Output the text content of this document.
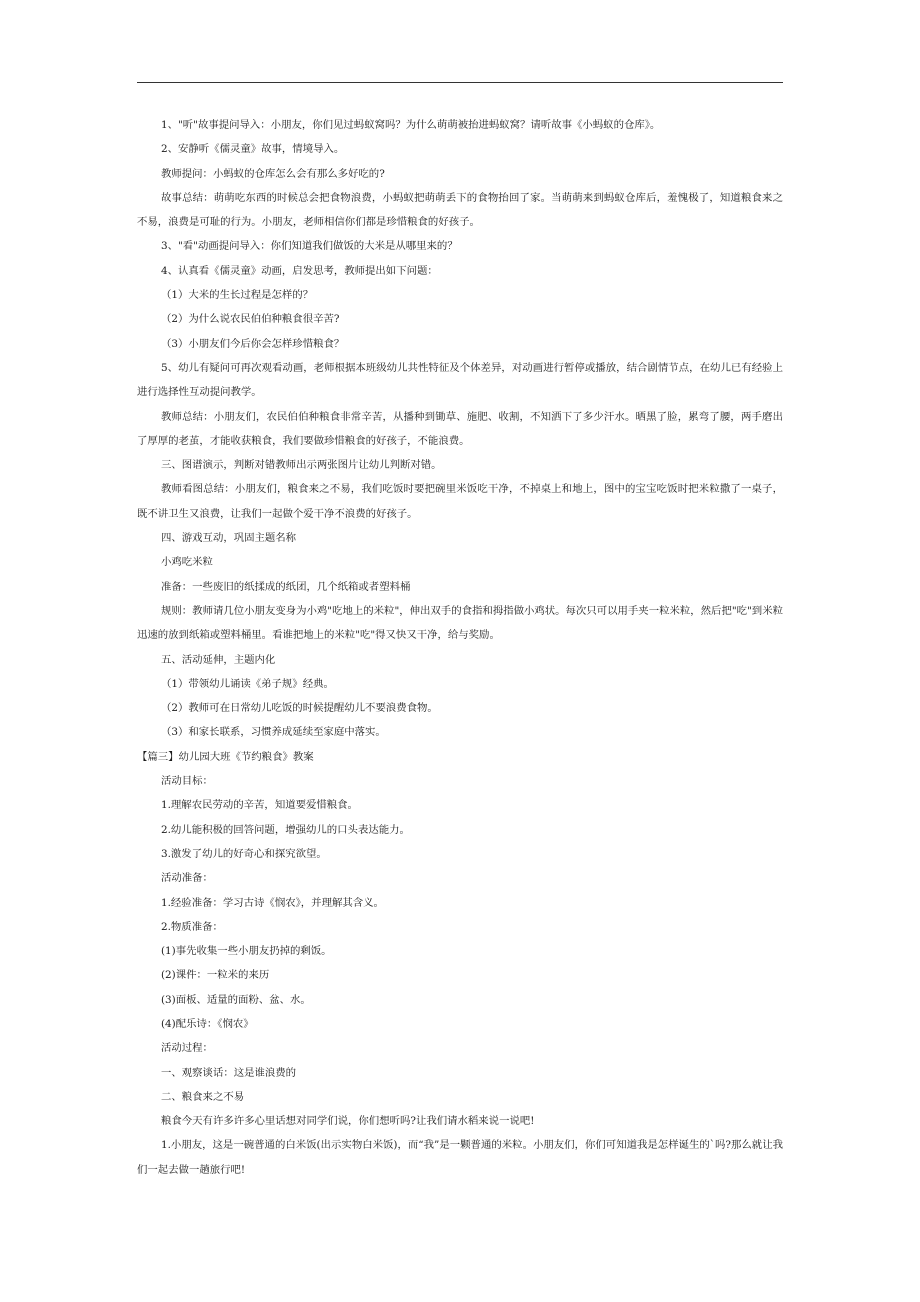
1、"听"故事提问导入：小朋友，你们见过蚂蚁窝吗？为什么萌萌被抬进蚂蚁窝？请听故事《小蚂蚁的仓库》。

2、安静听《儒灵童》故事，情境导入。

教师提问：小蚂蚁的仓库怎么会有那么多好吃的?

故事总结：萌萌吃东西的时候总会把食物浪费，小蚂蚁把萌萌丢下的食物抬回了家。当萌萌来到蚂蚁仓库后，羞愧极了，知道粮食来之不易，浪费是可耻的行为。小朋友，老师相信你们都是珍惜粮食的好孩子。

3、"看"动画提问导入：你们知道我们做饭的大米是从哪里来的？

4、认真看《儒灵童》动画，启发思考，教师提出如下问题：

（1）大米的生长过程是怎样的？

（2）为什么说农民伯伯种粮食很辛苦?

（3）小朋友们今后你会怎样珍惜粮食？

5、幼儿有疑问可再次观看动画，老师根据本班级幼儿共性特征及个体差异，对动画进行暂停或播放，结合剧情节点，在幼儿已有经验上进行选择性互动提问教学。

教师总结：小朋友们，农民伯伯种粮食非常辛苦，从播种到锄草、施肥、收割，不知洒下了多少汗水。晒黑了脸，累弯了腰，两手磨出了厚厚的老茧，才能收获粮食，我们要做珍惜粮食的好孩子，不能浪费。

三、图谱演示，判断对错教师出示两张图片让幼儿判断对错。

教师看图总结：小朋友们，粮食来之不易，我们吃饭时要把碗里米饭吃干净，不掉桌上和地上，图中的宝宝吃饭时把米粒撒了一桌子，既不讲卫生又浪费，让我们一起做个爱干净不浪费的好孩子。

四、游戏互动，巩固主题名称

小鸡吃米粒

准备：一些废旧的纸揉成的纸团，几个纸箱或者塑料桶

规则：教师请几位小朋友变身为小鸡"吃地上的米粒"，伸出双手的食指和拇指做小鸡状。每次只可以用手夹一粒米粒，然后把"吃"到米粒迅速的放到纸箱或塑料桶里。看谁把地上的米粒"吃"得又快又干净，给与奖励。

五、活动延伸，主题内化

（1）带领幼儿诵读《弟子规》经典。

（2）教师可在日常幼儿吃饭的时候提醒幼儿不要浪费食物。

（3）和家长联系，习惯养成延续至家庭中落实。

【篇三】幼儿园大班《节约粮食》教案

活动目标：

1.理解农民劳动的辛苦，知道要爱惜粮食。

2.幼儿能积极的回答问题，增强幼儿的口头表达能力。

3.激发了幼儿的好奇心和探究欲望。

活动准备：

1.经验准备：学习古诗《悯农》，并理解其含义。

2.物质准备：

(1)事先收集一些小朋友扔掉的剩饭。

(2)课件：一粒米的来历

(3)面板、适量的面粉、盆、水。

(4)配乐诗：《悯农》

活动过程：

一、观察谈话：这是谁浪费的

二、粮食来之不易

粮食今天有许多许多心里话想对同学们说，你们想听吗?让我们请水稻来说一说吧!

1.小朋友，这是一碗普通的白米饭(出示实物白米饭)，而“我”是一颗普通的米粒。小朋友们，你们可知道我是怎样诞生的`吗?那么就让我们一起去做一趟旅行吧!
